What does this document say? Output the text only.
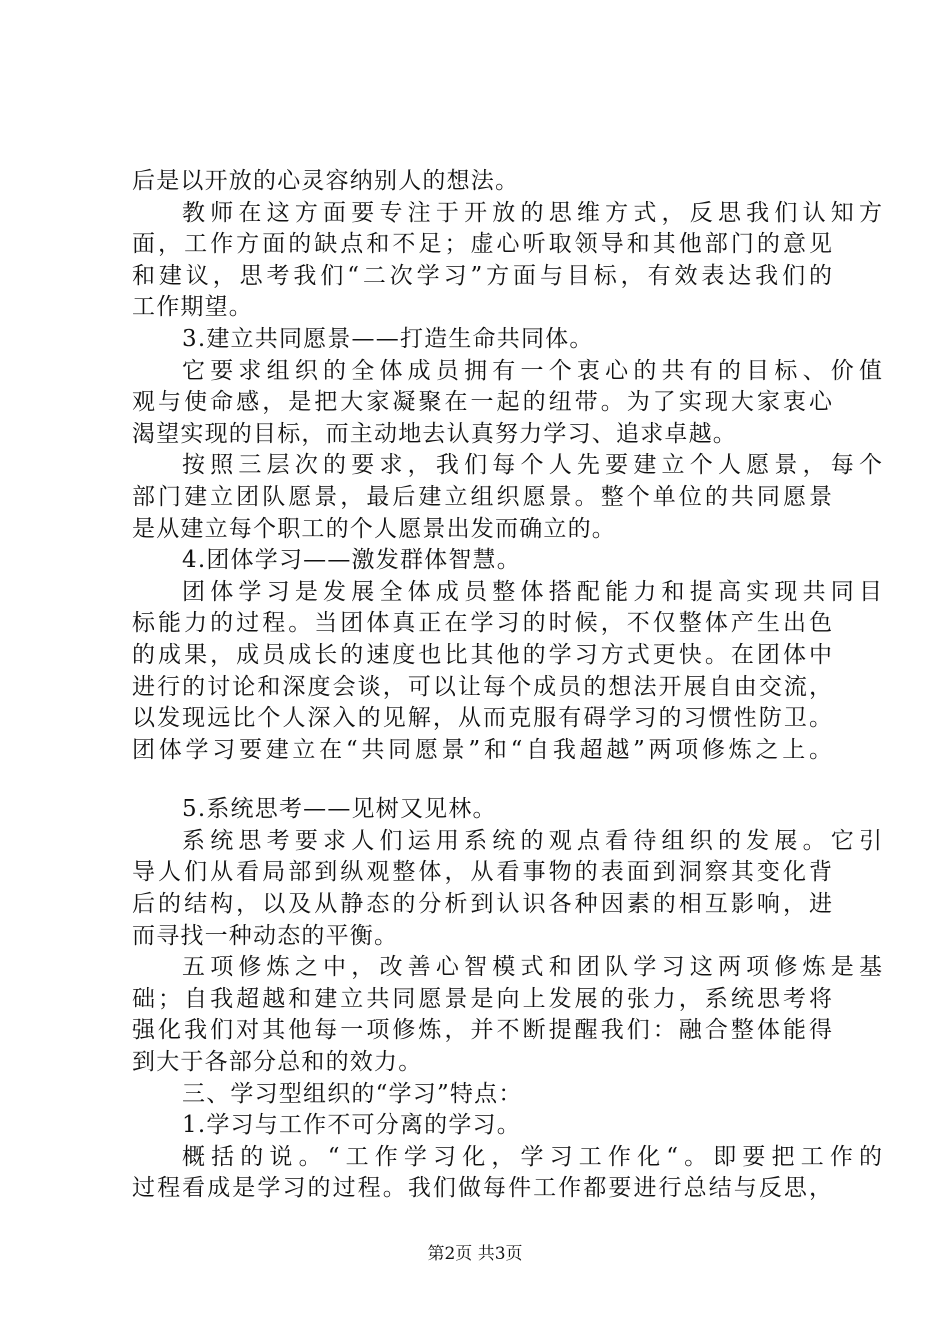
后是以开放的心灵容纳别人的想法。
教师在这方面要专注于开放的思维方式，反思我们认知方
面，工作方面的缺点和不足；虚心听取领导和其他部门的意见
和建议，思考我们“二次学习”方面与目标，有效表达我们的
工作期望。
3.建立共同愿景——打造生命共同体。
它要求组织的全体成员拥有一个衷心的共有的目标、价值
观与使命感，是把大家凝聚在一起的纽带。为了实现大家衷心
渴望实现的目标，而主动地去认真努力学习、追求卓越。
按照三层次的要求，我们每个人先要建立个人愿景，每个
部门建立团队愿景，最后建立组织愿景。整个单位的共同愿景
是从建立每个职工的个人愿景出发而确立的。
4.团体学习——激发群体智慧。
团体学习是发展全体成员整体搭配能力和提高实现共同目
标能力的过程。当团体真正在学习的时候，不仅整体产生出色
的成果，成员成长的速度也比其他的学习方式更快。在团体中
进行的讨论和深度会谈，可以让每个成员的想法开展自由交流，
以发现远比个人深入的见解，从而克服有碍学习的习惯性防卫。
团体学习要建立在“共同愿景”和“自我超越”两项修炼之上。
5.系统思考——见树又见林。
系统思考要求人们运用系统的观点看待组织的发展。它引
导人们从看局部到纵观整体，从看事物的表面到洞察其变化背
后的结构，以及从静态的分析到认识各种因素的相互影响，进
而寻找一种动态的平衡。
五项修炼之中，改善心智模式和团队学习这两项修炼是基
础；自我超越和建立共同愿景是向上发展的张力，系统思考将
强化我们对其他每一项修炼，并不断提醒我们：融合整体能得
到大于各部分总和的效力。
三、学习型组织的“学习”特点：
1.学习与工作不可分离的学习。
概括的说。“工作学习化，学习工作化“。即要把工作的
过程看成是学习的过程。我们做每件工作都要进行总结与反思，
第2页 共3页
